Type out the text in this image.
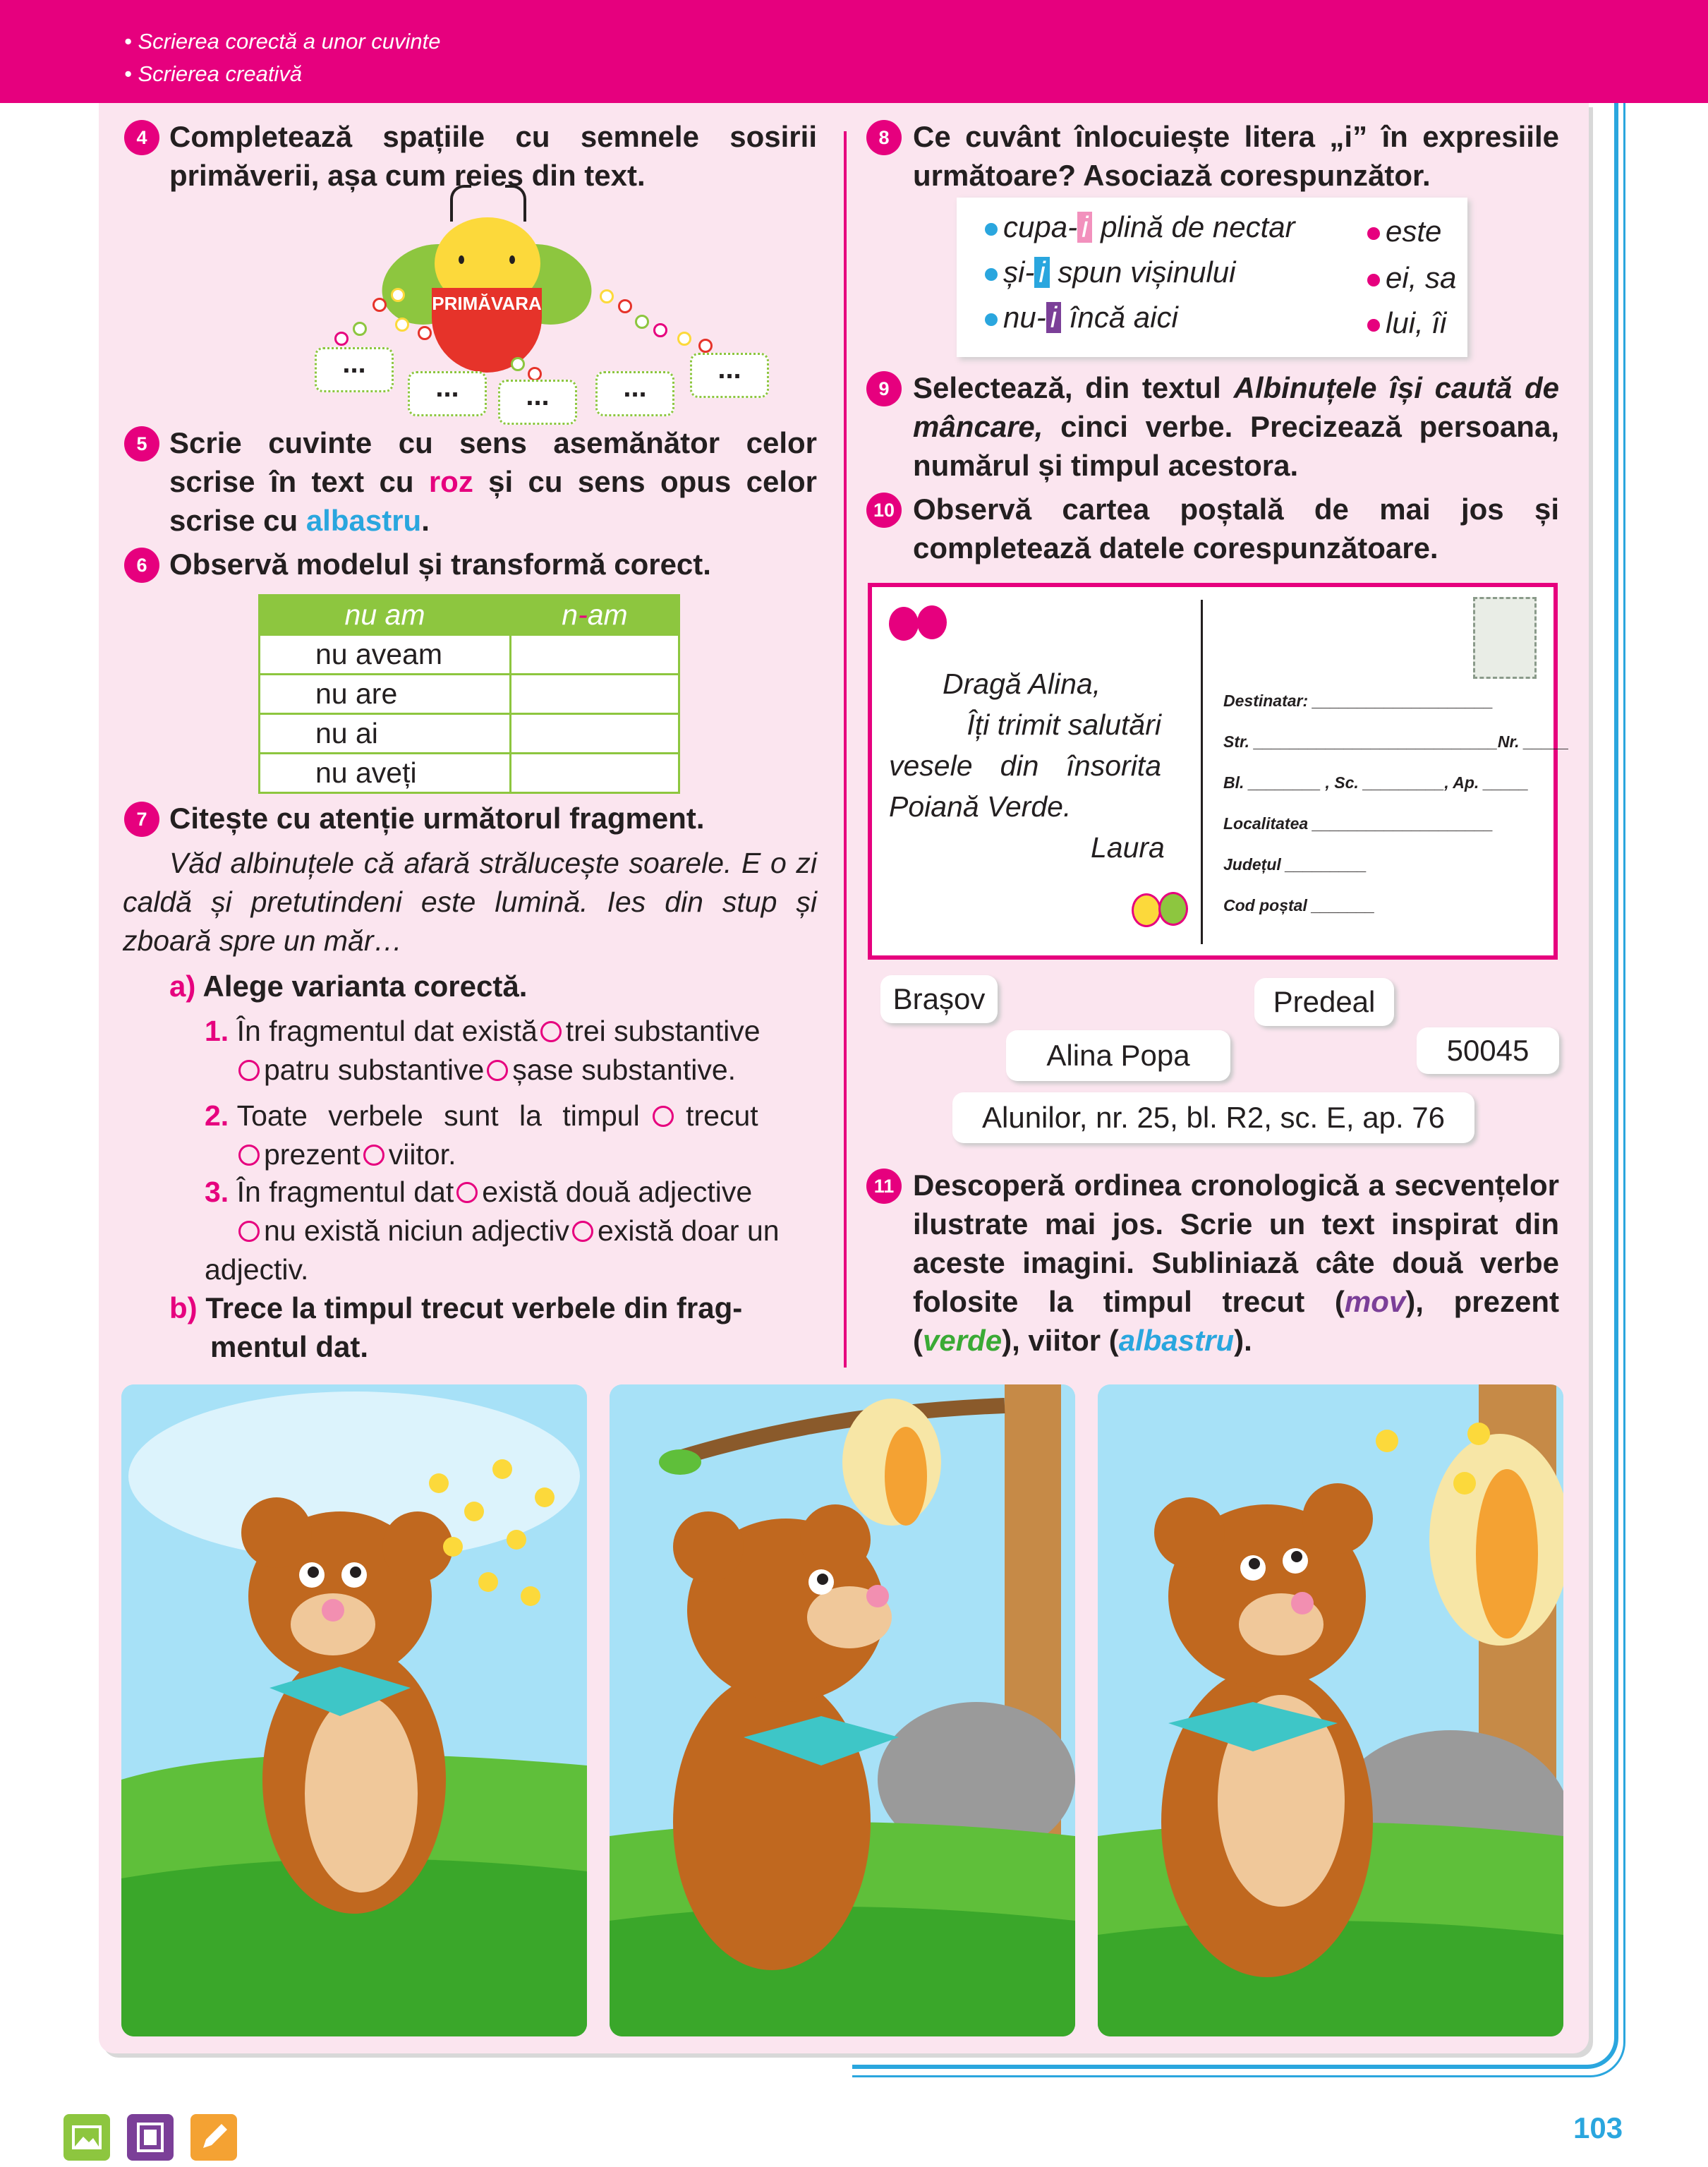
• Scrierea corectă a unor cuvinte
• Scrierea creativă
4 Completează spațiile cu semnele sosirii primăverii, așa cum reies din text.
PRIMĂVARA
...
...	...	...
...
5 Scrie cuvinte cu sens asemănător celor scrise în text cu roz și cu sens opus celor scrise cu albastru.
6 Observă modelul și transformă corect.
nu am	n-am
nu aveam	
nu are	
nu ai	
nu aveți	
7 Citește cu atenție următorul fragment.
Văd albinuțele că afară strălucește soarele. E o zi caldă și pretutindeni este lumină. Ies din stup și zboară spre un măr…
a) Alege varianta corectă.
1. În fragmentul dat există trei substantive
patru substantive șase substantive.
2. Toate verbele sunt la timpul trecut
prezent viitor.
3. În fragmentul dat există două adjective
nu există niciun adjectiv există doar un adjectiv.
b) Trece la timpul trecut verbele din frag-
mentul dat.
8 Ce cuvânt înlocuiește litera „i” în expresiile următoare? Asociază corespunzător.
cupa- i plină de nectar
și- i spun vișinului
nu- i încă aici
este
ei, sa
lui, îi
9 Selectează, din textul Albinuțele își caută de mâncare, cinci verbe. Precizează persoana, numărul și timpul acestora.
10 Observă cartea poștală de mai jos și completează datele corespunzătoare.
Dragă Alina,
Îți trimit salutări
vesele din însorita
Poiană Verde.
Laura
Destinatar: ____________________
Str. ___________________________Nr. _____
Bl. ________ , Sc. _________, Ap. _____
Localitatea ____________________
Județul _________
Cod poștal _______
Brașov	Predeal
Alina Popa	50045
Alunilor, nr. 25, bl. R2, sc. E, ap. 76
11 Descoperă ordinea cronologică a secvențelor ilustrate mai jos. Scrie un text inspirat din aceste imagini. Subliniază câte două verbe folosite la timpul trecut (mov), prezent (verde), viitor (albastru).
103
